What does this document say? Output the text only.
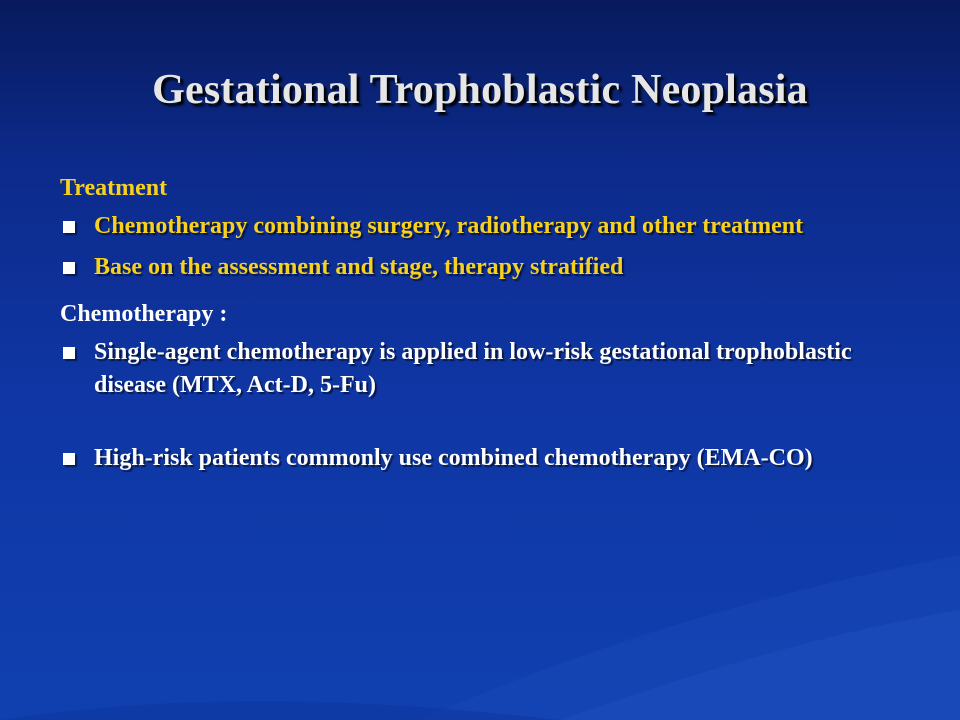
Gestational Trophoblastic Neoplasia

Treatment

Chemotherapy combining surgery, radiotherapy and other treatment
Base on the assessment and stage, therapy stratified

Chemotherapy :

Single-agent chemotherapy is applied in low-risk gestational trophoblastic disease (MTX, Act-D, 5-Fu)
High-risk patients commonly use combined chemotherapy (EMA-CO)
